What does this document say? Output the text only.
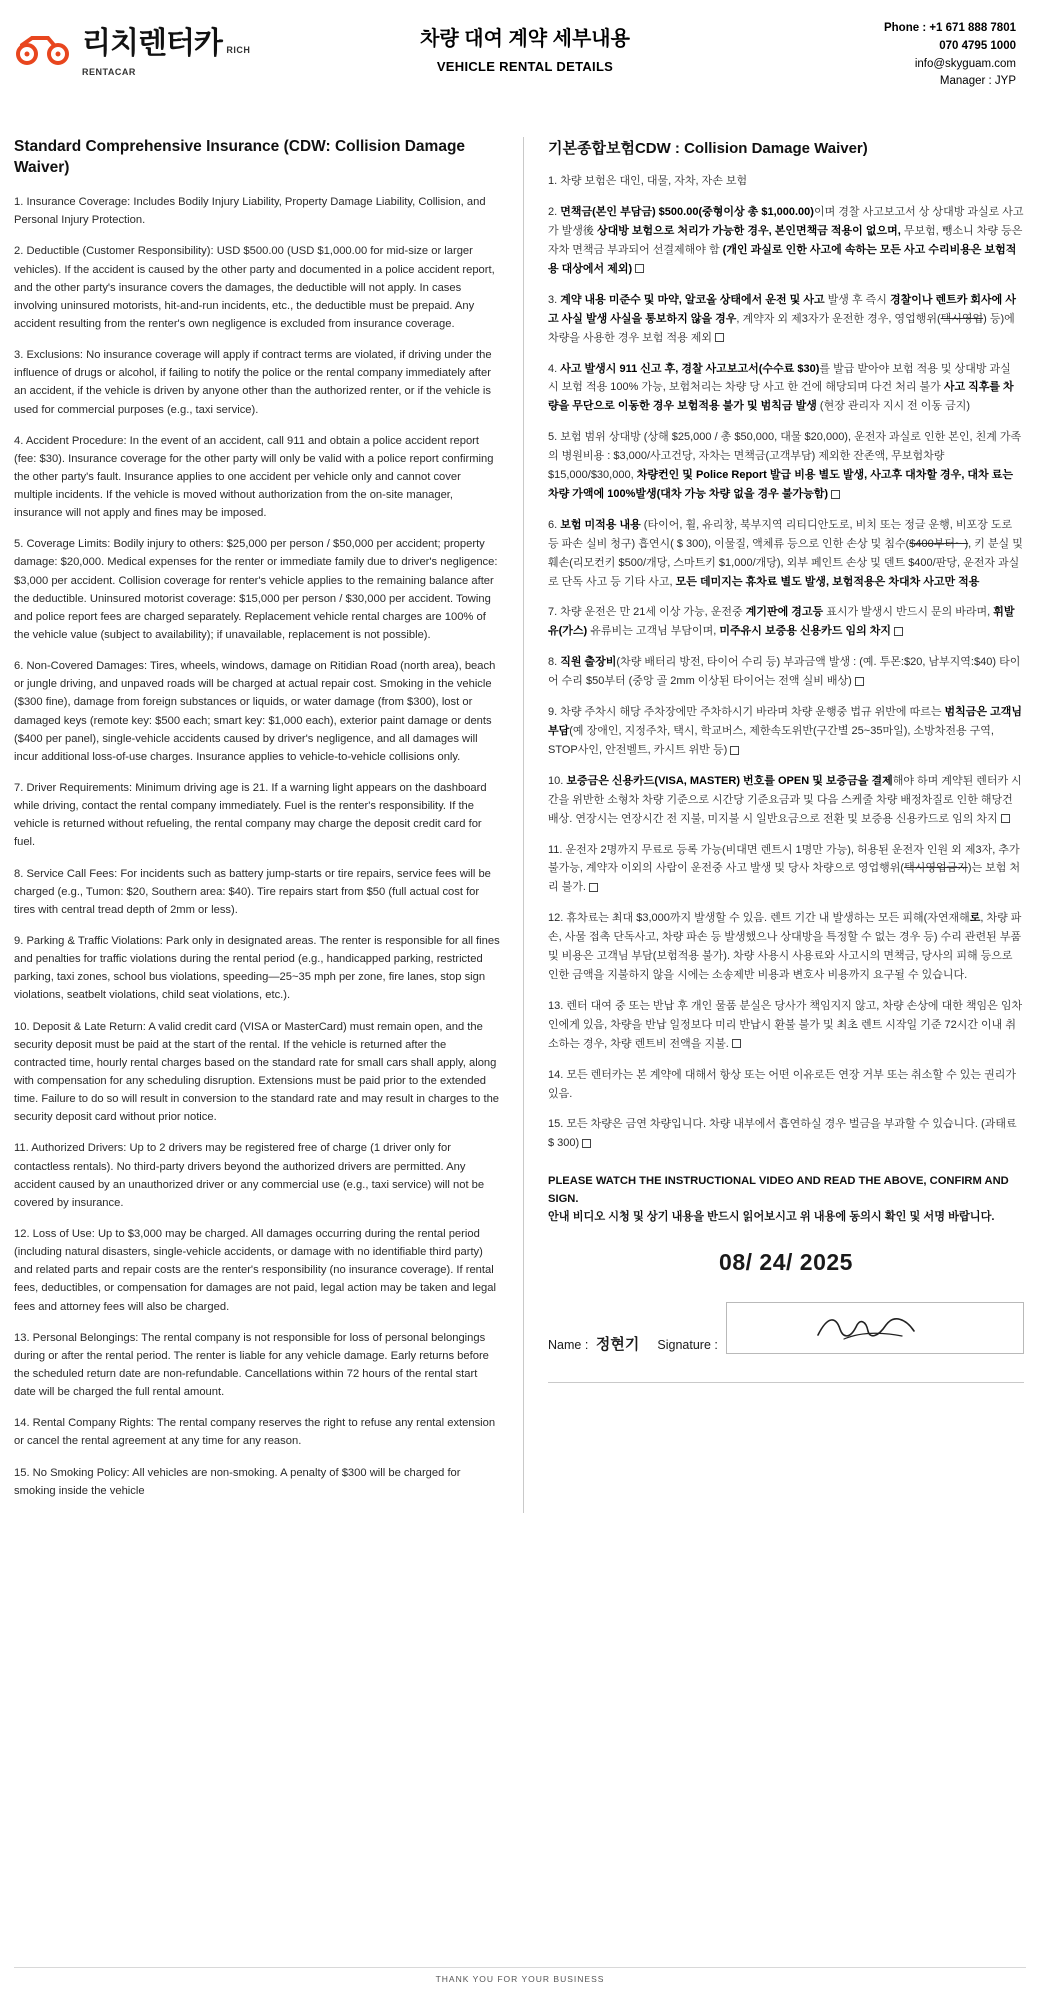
리치렌터카 RICH RENTACAR
차량 대여 계약 세부내용
VEHICLE RENTAL DETAILS
Phone : +1 671 888 7801
070 4795 1000
info@skyguam.com
Manager : JYP
Standard Comprehensive Insurance (CDW: Collision Damage Waiver)

1. Insurance Coverage: Includes Bodily Injury Liability, Property Damage Liability, Collision, and Personal Injury Protection.

2. Deductible (Customer Responsibility): USD $500.00 (USD $1,000.00 for mid-size or larger vehicles). If the accident is caused by the other party and documented in a police accident report, and the other party's insurance covers the damages, the deductible will not apply. In cases involving uninsured motorists, hit-and-run incidents, etc., the deductible must be prepaid. Any accident resulting from the renter's own negligence is excluded from insurance coverage.

3. Exclusions: No insurance coverage will apply if contract terms are violated, if driving under the influence of drugs or alcohol, if failing to notify the police or the rental company immediately after an accident, if the vehicle is driven by anyone other than the authorized renter, or if the vehicle is used for commercial purposes (e.g., taxi service).

4. Accident Procedure: In the event of an accident, call 911 and obtain a police accident report (fee: $30). Insurance coverage for the other party will only be valid with a police report confirming the other party's fault. Insurance applies to one accident per vehicle only and cannot cover multiple incidents. If the vehicle is moved without authorization from the on-site manager, insurance will not apply and fines may be imposed.

5. Coverage Limits: Bodily injury to others: $25,000 per person / $50,000 per accident; property damage: $20,000. Medical expenses for the renter or immediate family due to driver's negligence: $3,000 per accident. Collision coverage for renter's vehicle applies to the remaining balance after the deductible. Uninsured motorist coverage: $15,000 per person / $30,000 per accident. Towing and police report fees are charged separately. Replacement vehicle rental charges are 100% of the vehicle value (subject to availability); if unavailable, replacement is not possible).

6. Non-Covered Damages: Tires, wheels, windows, damage on Ritidian Road (north area), beach or jungle driving, and unpaved roads will be charged at actual repair cost. Smoking in the vehicle ($300 fine), damage from foreign substances or liquids, or water damage (from $300), lost or damaged keys (remote key: $500 each; smart key: $1,000 each), exterior paint damage or dents ($400 per panel), single-vehicle accidents caused by driver's negligence, and all damages will incur additional loss-of-use charges. Insurance applies to vehicle-to-vehicle collisions only.

7. Driver Requirements: Minimum driving age is 21. If a warning light appears on the dashboard while driving, contact the rental company immediately. Fuel is the renter's responsibility. If the vehicle is returned without refueling, the rental company may charge the deposit credit card for fuel.

8. Service Call Fees: For incidents such as battery jump-starts or tire repairs, service fees will be charged (e.g., Tumon: $20, Southern area: $40). Tire repairs start from $50 (full actual cost for tires with central tread depth of 2mm or less).

9. Parking & Traffic Violations: Park only in designated areas. The renter is responsible for all fines and penalties for traffic violations during the rental period (e.g., handicapped parking, restricted parking, taxi zones, school bus violations, speeding—25~35 mph per zone, fire lanes, stop sign violations, seatbelt violations, child seat violations, etc.).

10. Deposit & Late Return: A valid credit card (VISA or MasterCard) must remain open, and the security deposit must be paid at the start of the rental. If the vehicle is returned after the contracted time, hourly rental charges based on the standard rate for small cars shall apply, along with compensation for any scheduling disruption. Extensions must be paid prior to the extended time. Failure to do so will result in conversion to the standard rate and may result in charges to the security deposit card without prior notice.

11. Authorized Drivers: Up to 2 drivers may be registered free of charge (1 driver only for contactless rentals). No third-party drivers beyond the authorized drivers are permitted. Any accident caused by an unauthorized driver or any commercial use (e.g., taxi service) will not be covered by insurance.

12. Loss of Use: Up to $3,000 may be charged. All damages occurring during the rental period (including natural disasters, single-vehicle accidents, or damage with no identifiable third party) and related parts and repair costs are the renter's responsibility (no insurance coverage). If rental fees, deductibles, or compensation for damages are not paid, legal action may be taken and legal fees and attorney fees will also be charged.

13. Personal Belongings: The rental company is not responsible for loss of personal belongings during or after the rental period. The renter is liable for any vehicle damage. Early returns before the scheduled return date are non-refundable. Cancellations within 72 hours of the rental start date will be charged the full rental amount.

14. Rental Company Rights: The rental company reserves the right to refuse any rental extension or cancel the rental agreement at any time for any reason.

15. No Smoking Policy: All vehicles are non-smoking. A penalty of $300 will be charged for smoking inside the vehicle

기본종합보험CDW : Collision Damage Waiver)

1. 차량 보험은 대인, 대물, 자차, 자손 보험

2. 면책금(본인 부담금) $500.00(중형이상 총 $1,000.00)이며 경찰 사고보고서 상 상대방 과실로 사고가 발생後 상대방 보험으로 처리가 가능한 경우, 본인면책금 적용이 없으며, 무보험, 뺑소니 차량 등은 자차 면책금 부과되어 선결제해야 함 (개인 과실로 인한 사고에 속하는 모든 사고 수리비용은 보험적용 대상에서 제외)

3. 계약 내용 미준수 및 마약, 알코올 상태에서 운전 및 사고 발생 후 즉시 경찰이나 렌트카 회사에 사고 사실 발생 사실을 통보하지 않을 경우, 계약자 외 제3자가 운전한 경우, 영업행위(택시영업) 등)에 차량을 사용한 경우 보험 적용 제외

4. 사고 발생시 911 신고 후, 경찰 사고보고서(수수료 $30)를 발급 받아야 보험 적용 및 상대방 과실 시 보험 적용 100% 가능, 보험처리는 차량 당 사고 한 건에 해당되며 다건 처리 불가 사고 직후를 차량을 무단으로 이동한 경우 보험적용 불가 및 범칙금 발생 (현장 관리자 지시 전 이동 금지)

5. 보험 범위 상대방 (상해 $25,000 / 총 $50,000, 대물 $20,000), 운전자 과실로 인한 본인, 친계 가족의 병원비용 : $3,000/사고건당, 자차는 면책금(고객부담) 제외한 잔존액, 무보험차량 $15,000/$30,000, 차량컨인 및 Police Report 발급 비용 별도 발생, 사고후 대차할 경우, 대차 료는 차량 가액에 100%발생(대차 가능 차량 없을 경우 불가능함)

6. 보험 미적용 내용 (타이어, 휠, 유리창, 북부지역 리티디안도로, 비치 또는 정글 운행, 비포장 도로 등 파손 실비 청구) 흡연시( $ 300), 이물질, 액체류 등으로 인한 손상 및 침수($400부터~ ), 키 분실 및 훼손(리모컨키 $500/개당, 스마트키 $1,000/개당), 외부 페인트 손상 및 덴트 $400/판당, 운전자 과실로 단독 사고 등 기타 사고, 모든 데미지는 휴차료 별도 발생, 보험적용은 차대차 사고만 적용

7. 차량 운전은 만 21세 이상 가능, 운전중 계기판에 경고등 표시가 발생시 반드시 문의 바라며, 휘발유(가스) 유류비는 고객님 부담이며, 미주유시 보증용 신용카드 임의 차지

8. 직원 출장비(차량 배터리 방전, 타이어 수리 등) 부과금액 발생 : (예. 투몬:$20, 남부지역:$40) 타이어 수리 $50부터 (중앙 골 2mm 이상된 타이어는 전액 실비 배상)

9. 차량 주차시 해당 주차장에만 주차하시기 바라며 차량 운행중 법규 위반에 따르는 범칙금은 고객님 부담(예 장애인, 지정주차, 택시, 학교버스, 제한속도위반(구간별 25~35마일), 소방차전용 구역, STOP사인, 안전벨트, 카시트 위반 등)

10. 보증금은 신용카드(VISA, MASTER) 번호를 OPEN 및 보증금을 결제해야 하며 계약된 렌터카 시간을 위반한 소형차 차량 기준으로 시간당 기준요금과 및 다음 스케줄 차량 배정차질로 인한 해당건 배상. 연장시는 연장시간 전 지불, 미지불 시 일반요금으로 전환 및 보증용 신용카드로 임의 차지

11. 운전자 2명까지 무료로 등록 가능(비대면 렌트시 1명만 가능), 허용된 운전자 인원 외 제3자, 추가 불가능, 계약자 이외의 사람이 운전중 사고 발생 및 당사 차량으로 영업행위(택시영업금지)는 보험 처리 불가.

12. 휴차료는 최대 $3,000까지 발생할 수 있음. 렌트 기간 내 발생하는 모든 피해(자연재해로, 차량 파손, 사물 접촉 단독사고, 차량 파손 등 발생했으나 상대방을 특정할 수 없는 경우 등) 수리 관련된 부품 및 비용은 고객님 부담(보험적용 불가). 차량 사용시 사용료와 사고시의 면책금, 당사의 피해 등으로 인한 금액을 지불하지 않을 시에는 소송제반 비용과 변호사 비용까지 요구될 수 있습니다.

13. 렌터 대여 중 또는 반납 후 개인 물품 분실은 당사가 책임지지 않고, 차량 손상에 대한 책임은 임차인에게 있음, 차량을 반납 일정보다 미리 반납시 환불 불가 및 최초 렌트 시작일 기준 72시간 이내 취소하는 경우, 차량 렌트비 전액을 지불.

14. 모든 렌터카는 본 계약에 대해서 항상 또는 어떤 이유로든 연장 거부 또는 취소할 수 있는 권리가 있음.

15. 모든 차량은 금연 차량입니다. 차량 내부에서 흡연하실 경우 벌금을 부과할 수 있습니다. (과태료 $ 300)

PLEASE WATCH THE INSTRUCTIONAL VIDEO AND READ THE ABOVE, CONFIRM AND SIGN.
안내 비디오 시청 및 상기 내용을 반드시 읽어보시고 위 내용에 동의시 확인 및 서명 바랍니다.
08/ 24/ 2025
Name : 정현기 Signature :
THANK YOU FOR YOUR BUSINESS
